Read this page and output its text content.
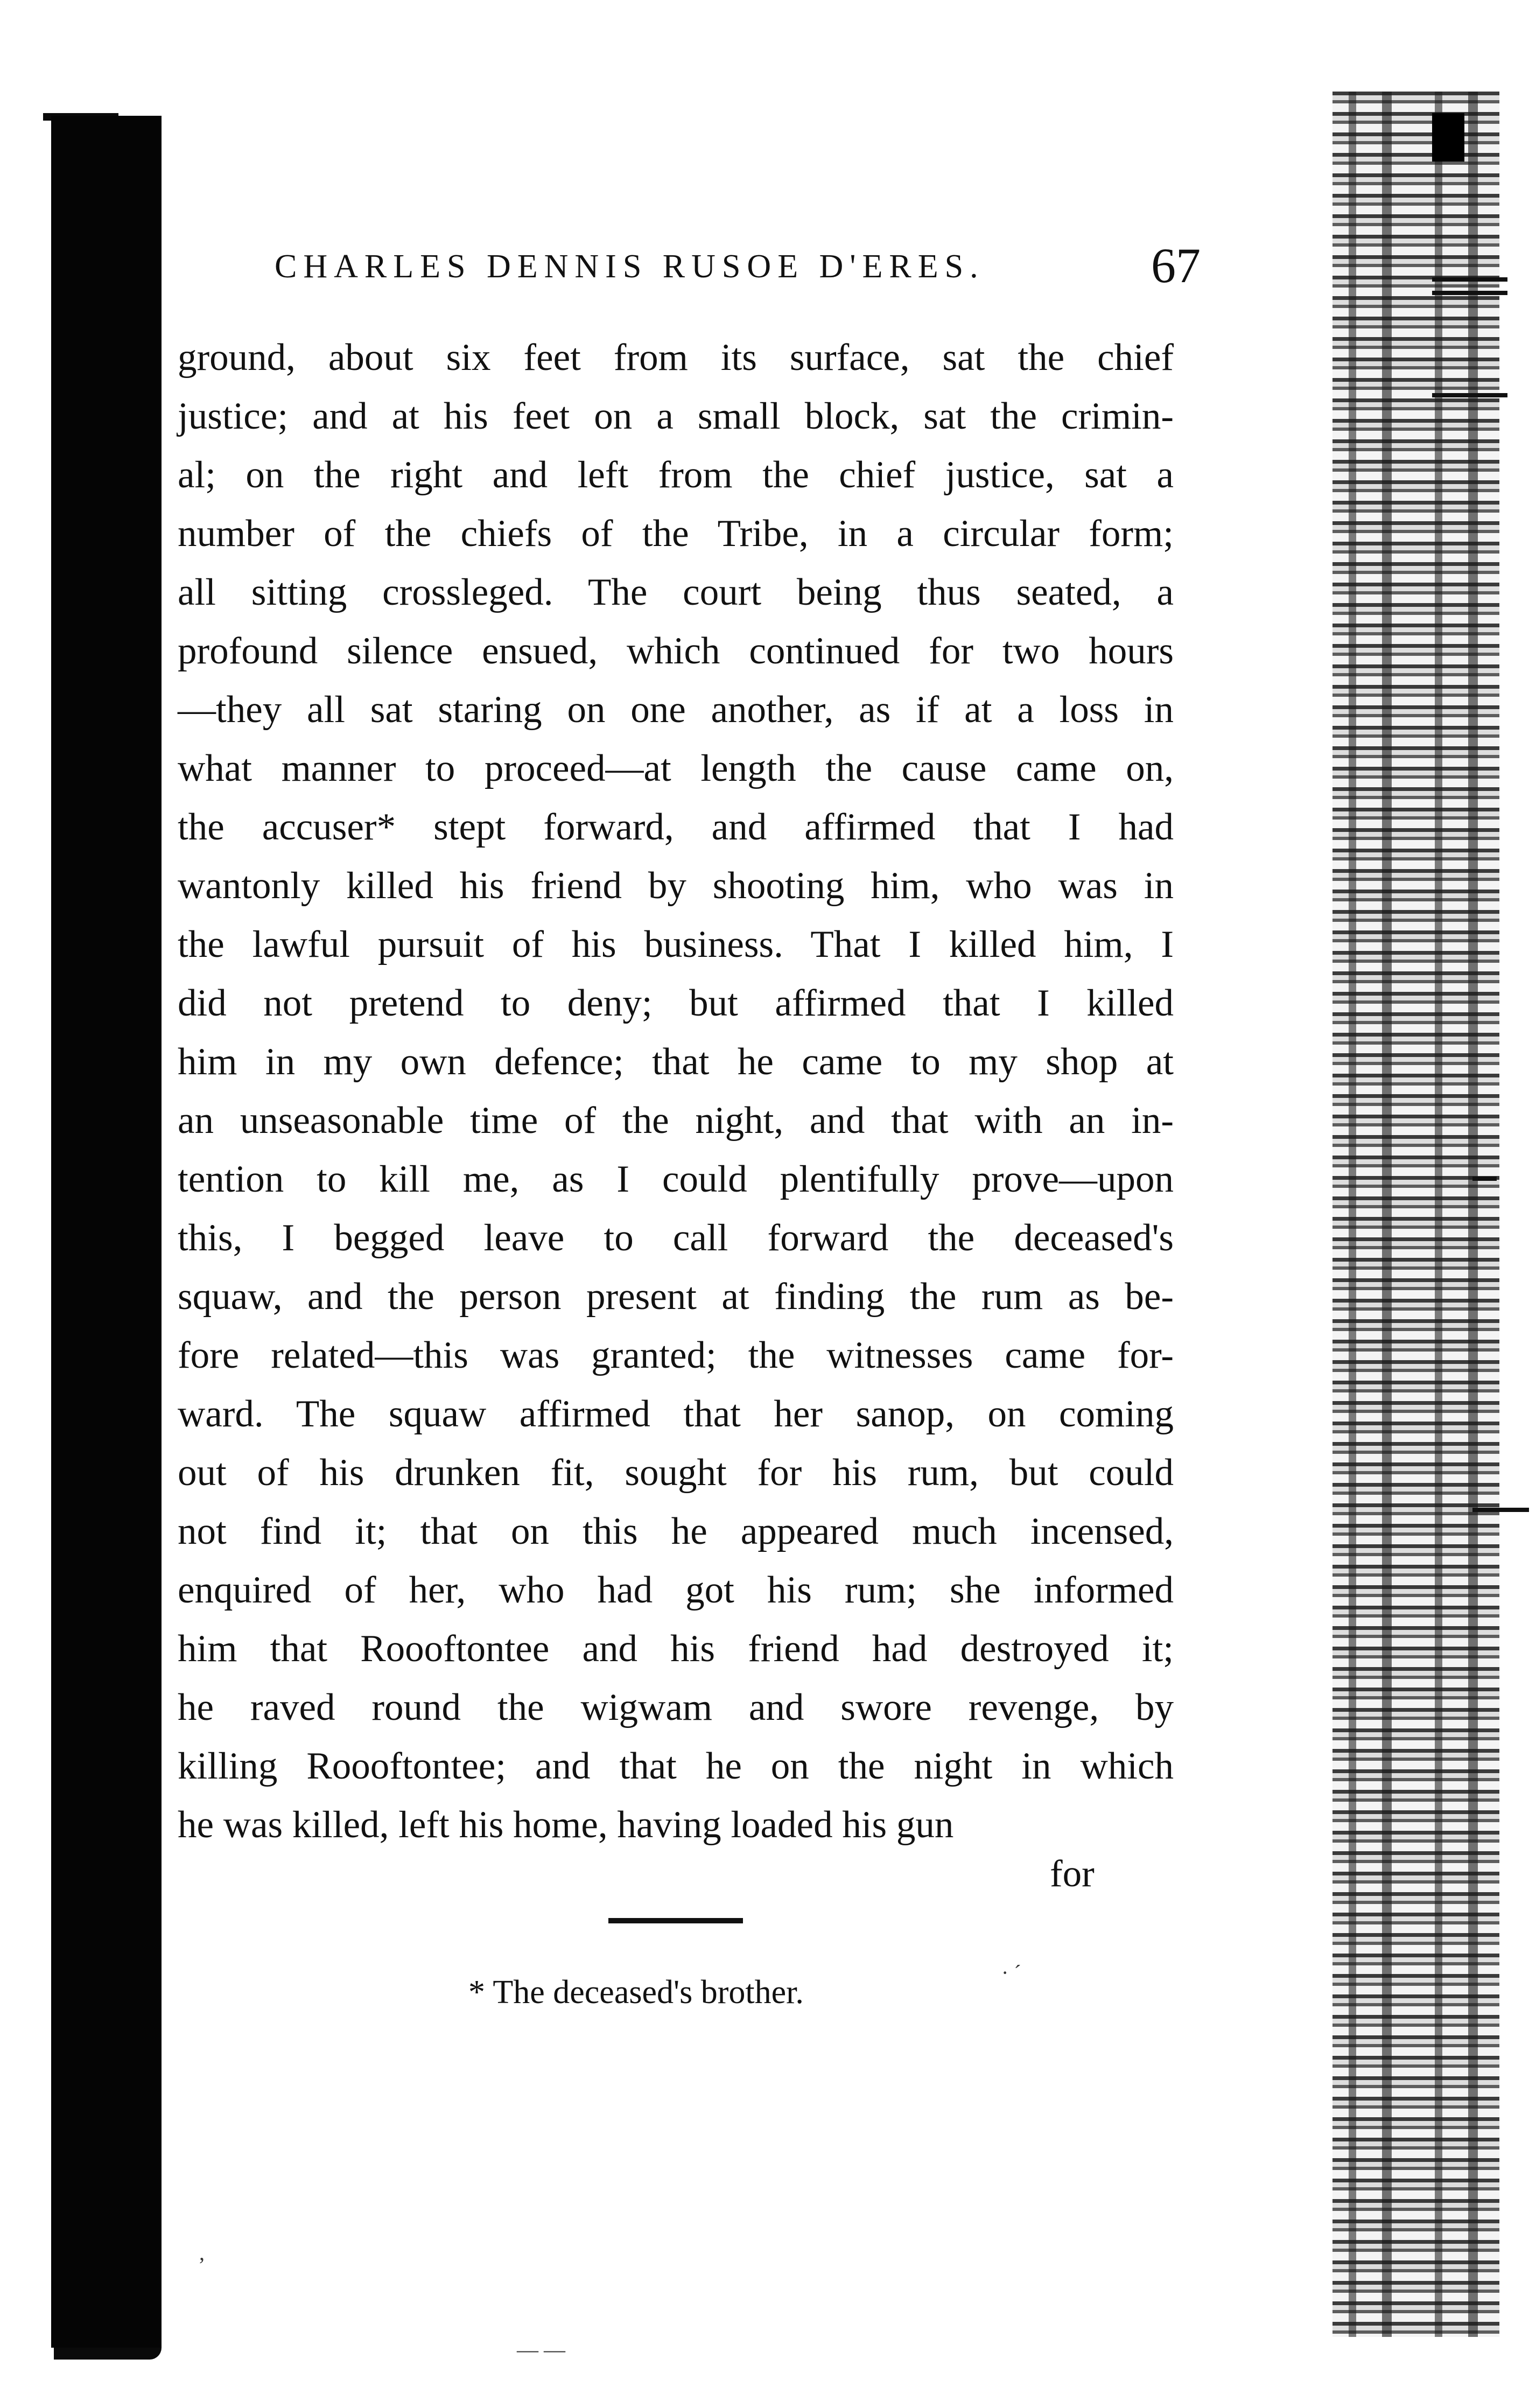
CHARLES DENNIS RUSOE D'ERES.	67
ground, about six feet from its surface, sat the chief
justice; and at his feet on a small block, sat the crimin-
al; on the right and left from the chief justice, sat a
number of the chiefs of the Tribe, in a circular form;
all sitting crossleged. The court being thus seated, a
profound silence ensued, which continued for two hours
—they all sat staring on one another, as if at a loss in
what manner to proceed—at length the cause came on,
the accuser* stept forward, and affirmed that I had
wantonly killed his friend by shooting him, who was in
the lawful pursuit of his business. That I killed him, I
did not pretend to deny; but affirmed that I killed
him in my own defence; that he came to my shop at
an unseasonable time of the night, and that with an in-
tention to kill me, as I could plentifully prove—upon
this, I begged leave to call forward the deceased's
squaw, and the person present at finding the rum as be-
fore related—this was granted; the witnesses came for-
ward. The squaw affirmed that her sanop, on coming
out of his drunken fit, sought for his rum, but could
not find it; that on this he appeared much incensed,
enquired of her, who had got his rum; she informed
him that Roooftontee and his friend had destroyed it;
he raved round the wigwam and swore revenge, by
killing Roooftontee; and that he on the night in which
he was killed, left his home, having loaded his gun
for
* The deceased's brother.
· ´
— —
,
